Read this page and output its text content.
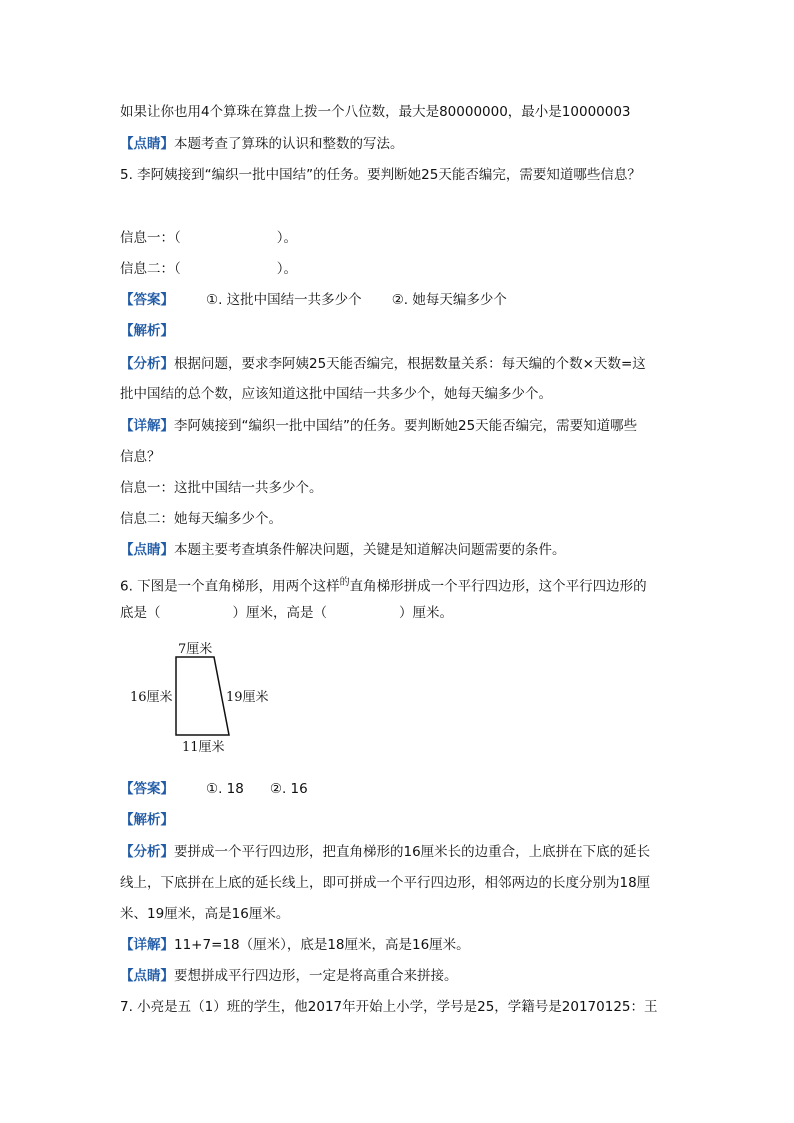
如果让你也用4个算珠在算盘上拨一个八位数，最大是80000000，最小是10000003
【点睛】本题考查了算珠的认识和整数的写法。
5. 李阿姨接到“编织一批中国结”的任务。要判断她25天能否编完，需要知道哪些信息？
信息一：（	）。
信息二：（	）。
【答案】 ①. 这批中国结一共多少个 ②. 她每天编多少个
【解析】
【分析】根据问题，要求李阿姨25天能否编完，根据数量关系：每天编的个数×天数=这
批中国结的总个数，应该知道这批中国结一共多少个，她每天编多少个。
【详解】李阿姨接到“编织一批中国结”的任务。要判断她25天能否编完，需要知道哪些
信息？
信息一：这批中国结一共多少个。
信息二：她每天编多少个。
【点睛】本题主要考查填条件解决问题，关键是知道解决问题需要的条件。
6. 下图是一个直角梯形，用两个这样$^的$直角梯形拼成一个平行四边形，这个平行四边形的
底是（	）厘米，高是（	）厘米。
7厘米
16厘米	19厘米
11厘米
【答案】 ①. 18 ②. 16
【解析】
【分析】要拼成一个平行四边形，把直角梯形的16厘米长的边重合，上底拼在下底的延长
线上，下底拼在上底的延长线上，即可拼成一个平行四边形，相邻两边的长度分别为18厘
米、19厘米，高是16厘米。
【详解】11+7=18（厘米），底是18厘米，高是16厘米。
【点睛】要想拼成平行四边形，一定是将高重合来拼接。
7. 小亮是五（1）班的学生，他2017年开始上小学，学号是25，学籍号是20170125：王
